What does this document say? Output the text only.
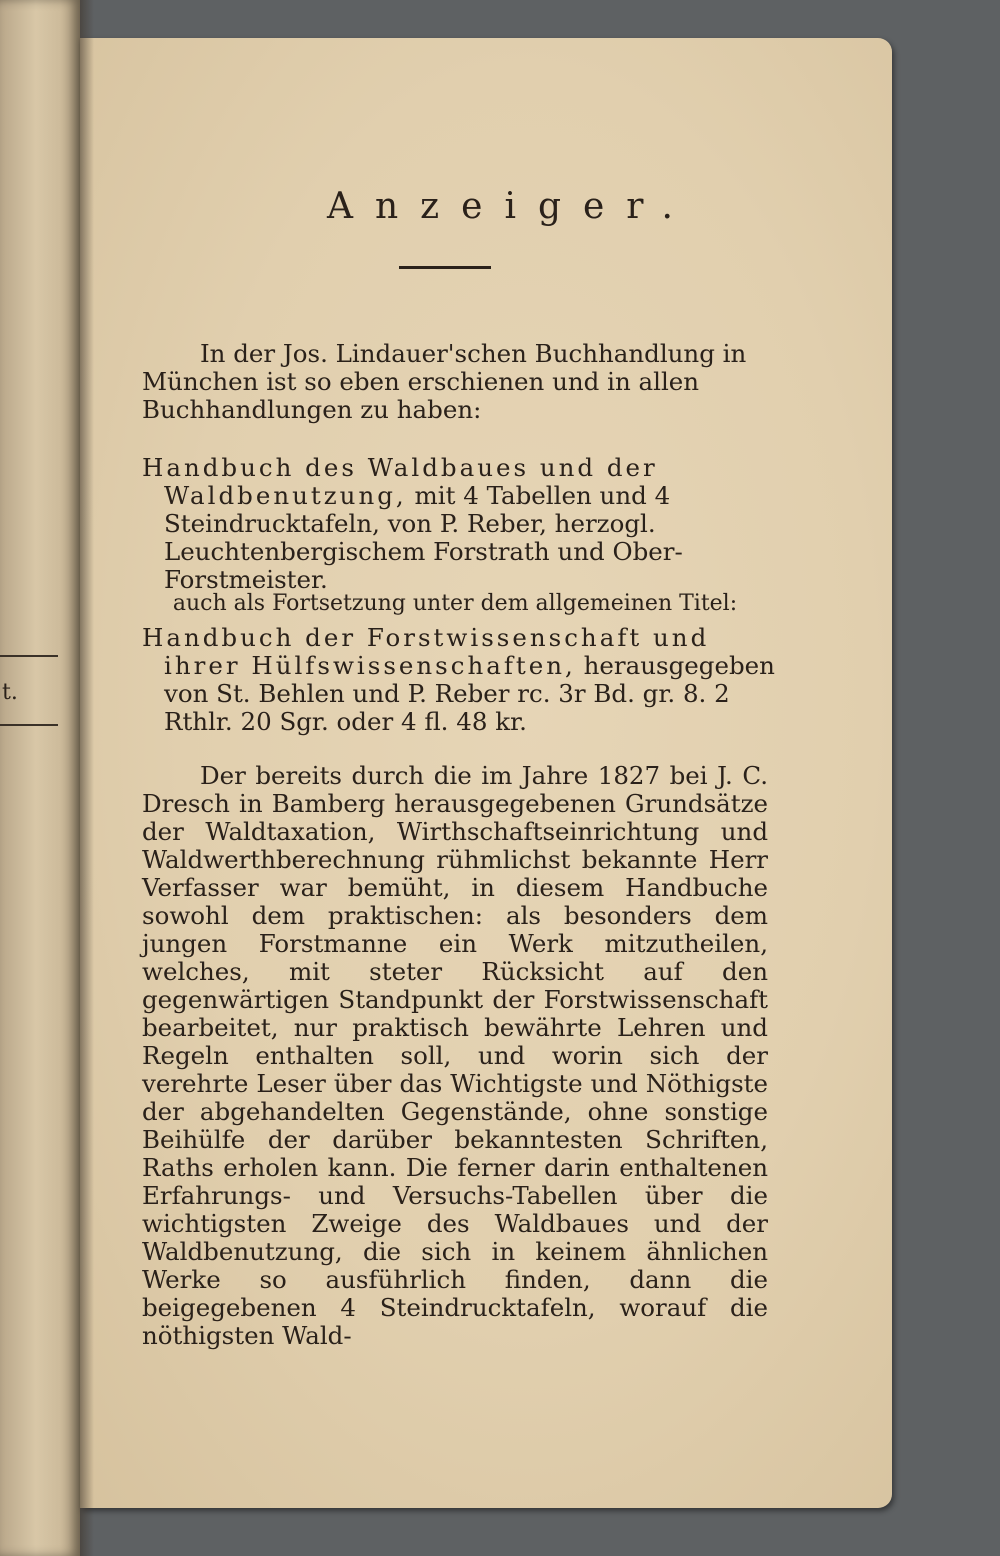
t.
Anzeiger.
In der Jos. Lindauer'schen Buchhandlung in München ist so eben erschienen und in allen Buchhandlungen zu haben:
Handbuch des Waldbaues und der Waldbenutzung, mit 4 Tabellen und 4 Steindrucktafeln, von P. Reber, herzogl. Leuchtenbergischem Forstrath und Ober-Forstmeister.
auch als Fortsetzung unter dem allgemeinen Titel:
Handbuch der Forstwissenschaft und ihrer Hülfswissenschaften, herausgegeben von St. Behlen und P. Reber rc. 3r Bd. gr. 8. 2 Rthlr. 20 Sgr. oder 4 fl. 48 kr.
Der bereits durch die im Jahre 1827 bei J. C. Dresch in Bamberg herausgegebenen Grundsätze der Waldtaxation, Wirthschaftseinrichtung und Waldwerthberechnung rühmlichst bekannte Herr Verfasser war bemüht, in diesem Handbuche sowohl dem praktischen: als besonders dem jungen Forstmanne ein Werk mitzutheilen, welches, mit steter Rücksicht auf den gegenwärtigen Standpunkt der Forstwissenschaft bearbeitet, nur praktisch bewährte Lehren und Regeln enthalten soll, und worin sich der verehrte Leser über das Wichtigste und Nöthigste der abgehandelten Gegenstände, ohne sonstige Beihülfe der darüber bekanntesten Schriften, Raths erholen kann. Die ferner darin enthaltenen Erfahrungs- und Versuchs-Tabellen über die wichtigsten Zweige des Waldbaues und der Waldbenutzung, die sich in keinem ähnlichen Werke so ausführlich finden, dann die beigegebenen 4 Steindrucktafeln, worauf die nöthigsten Wald-
